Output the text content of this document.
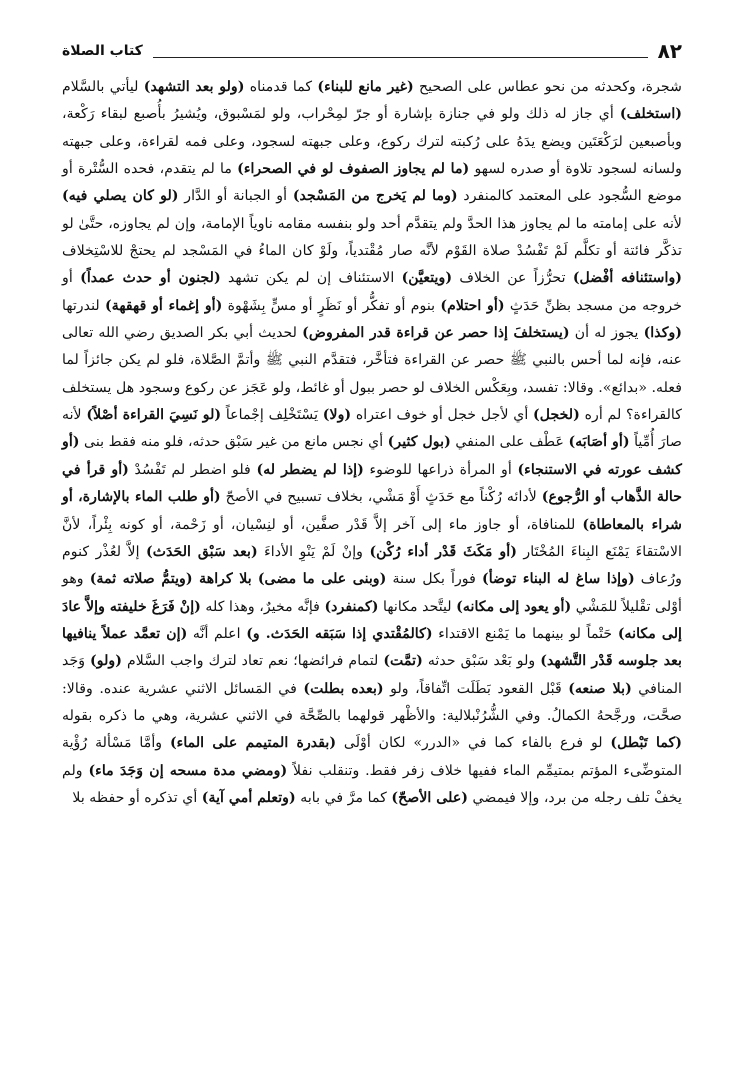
٨٢
كتاب الصلاة
شجرة، وكحدثه من نحو عطاس على الصحيح (غير مانع للبناء) كما قدمناه (ولو بعد التشهد) ليأتي بالسَّلام (استخلف) أي جاز له ذلك ولو في جنازة بإشارة أو جرّ لمِحْراب، ولو لمَسْبوق، ويُشيرُ بأُصبع لبقاء رَكْعة، وبأصبعين لرَكْعَتَين ويضع يدَهُ على رُكبته لترك ركوع، وعلى جبهته لسجود، وعلى فمه لقراءة، وعلى جبهته ولسانه لسجود تلاوة أو صدره لسهو (ما لم يجاوز الصفوف لو في الصحراء) ما لم يتقدم، فحده السُّتْرة أو موضع السُّجود على المعتمد كالمنفرد (وما لم يَخرج من المَسْجد) أو الجبانة أو الدَّار (لو كان يصلي فيه) لأنه على إمامته ما لم يجاوز هذا الحدَّ ولم يتقدَّم أحد ولو بنفسه مقامه ناوياً الإمامة، وإن لم يجاوزه، حتَّىٰ لو تذكَّر فائتة أو تكلَّم لَمْ تَفْسُدْ صلاة القَوْم لأنَّه صار مُقْتدياً، ولَوْ كان الماءُ في المَسْجد لم يحتجْ للاسْتِخلاف (واستئنافه أفْضل) تحرُّزاً عن الخلاف (ويتعيَّن) الاستئناف إن لم يكن تشهد (لجنون أو حدث عمداً) أو خروجه من مسجد بظنِّ حَدَثٍ (أو احتلام) بنوم أو تفكُّر أو نَظَرٍ أو مسٍّ بِشَهْوة (أو إغماء أو قهقهة) لندرتها (وكذا) يجوز له أن (يستخلفَ إذا حصر عن قراءة قدر المفروض) لحديث أبي بكر الصديق رضي الله تعالى عنه، فإنه لما أحس بالنبي ﷺ حصر عن القراءة فتأخَّر، فتقدَّم النبي ﷺ وأتمَّ الصَّلاة، فلو لم يكن جائزاً لما فعله. «بدائع». وقالا: تفسد، وبِعَكْس الخلاف لو حصر ببول أو غائط، ولو عَجَز عن ركوع وسجود هل يستخلف كالقراءة؟ لم أره (لخجل) أي لأجل خجل أو خوف اعتراه (ولا) يَسْتَخْلِف إجْماعاً (لو نَسِيَ القراءة أصْلاً) لأنه صارَ أُمِّياً (أو أصَابَه) عَطْف على المنفي (بول كثير) أي نجس مانع من غير سَبْق حدثه، فلو منه فقط بنى (أو كشف عورته في الاستنجاء) أو المرأة ذراعها للوضوء (إذا لم يضطر له) فلو اضطر لم تَفْسُدْ (أو قرأ في حالة الذَّهاب أو الرُّجوع) لأدائه رُكْناً مع حَدَثٍ أَوْ مَشْي، بخلاف تسبيح في الأصحّ (أو طلب الماء بالإشارة، أو شراء بالمعاطاة) للمنافاة، أو جاوز ماء إلى آخر إلاَّ قَدْر صفَّين، أو لنِسْيان، أو زَحْمة، أو كونه بِئْراً، لأنَّ الاسْتقاءَ يَمْنَع البِناءَ المُخْتَار (أو مَكَثَ قَدْر أداء رُكْن) وإنْ لَمْ يَنْوِ الأداءَ (بعد سَبْق الحَدَث) إلاَّ لعُذْر كنوم ورُعاف (وإذا ساغ له البناء توضأ) فوراً بكل سنة (وبنى على ما مضى) بلا كراهة (ويتمُّ صلاته ثمة) وهو أوْلى تقْليلاً للمَشْي (أو يعود إلى مكانه) ليتَّحد مكانها (كمنفرد) فإنَّه مخيرٌ، وهذا كله (إنْ فَرَغَ خليفته وإلاَّ عادَ إلى مكانه) حَتْماً لو بينهما ما يَمْنع الاقتداء (كالمُقْتدي إذا سَبَقه الحَدَث. و) اعلم أنَّه (إن تعمَّد عملاً ينافيها بعد جلوسه قَدْر التَّشهد) ولو بَعْد سَبْق حدثه (تمَّت) لتمام فرائضها؛ نعم تعاد لترك واجب السَّلام (ولو) وَجَد المنافي (بلا صنعه) قَبْل القعود بَطَلَت اتِّفاقاً، ولو (بعده بطلت) في المَسائل الاثني عشرية عنده. وقالا: صحَّت، ورجَّحهُ الكمالُ. وفي الشُّرُنْبلالية: والأظْهر قولهما بالصِّحَّة في الاثني عشرية، وهي ما ذكره بقوله (كما تَبْطل) لو فرع بالفاء كما في «الدرر» لكان أوْلَى (بقدرة المتيمم على الماء) وأمَّا مَسْألة رُؤْية المتوضِّىء المؤتم بمتيمِّم الماء ففيها خلاف زفر فقط. وتنقلب نفلاً (ومضي مدة مسحه إن وَجَدَ ماء) ولم يخفْ تلف رجله من برد، وإلا فيمضي (على الأصحّ) كما مرَّ في بابه (وتعلم أمي آية) أي تذكره أو حفظه بلا
